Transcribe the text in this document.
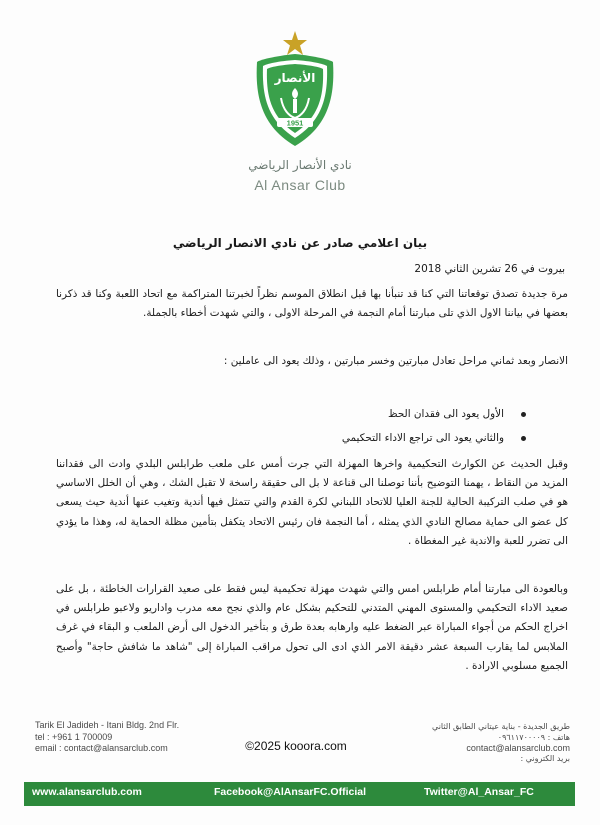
الأنصار
1951
نادي الأنصار الرياضي
Al Ansar Club
بيان اعلامي صادر عن نادي الانصار الرياضي
بيروت في 26 تشرين الثاني 2018

مرة جديدة تصدق توقعاتنا التي كنا قد تنبأنا بها قبل انطلاق الموسم نظراً لخبرتنا المتراكمة مع اتحاد اللعبة وكنا قد ذكرنا بعضها في بياننا الاول الذي تلى مبارتنا أمام النجمة في المرحلة الاولى ، والتي شهدت أخطاء بالجملة.

الانصار وبعد ثماني مراحل تعادل مبارتين وخسر مبارتين ، وذلك يعود الى عاملين :

الأول يعود الى فقدان الحظ
والثاني يعود الى تراجع الاداء التحكيمي

وقبل الحديث عن الكوارث التحكيمية واخرها المهزلة التي جرت أمس على ملعب طرابلس البلدي وادت الى فقداننا المزيد من النقاط ، يهمنا التوضيح بأننا توصلنا الى قناعة لا بل الى حقيقة راسخة لا تقبل الشك ، وهي أن الخلل الاساسي هو في صلب التركيبة الحالية للجنة العليا للاتحاد اللبناني لكرة القدم والتي تتمثل فيها أندية وتغيب عنها أندية حيث يسعى كل عضو الى حماية مصالح النادي الذي يمثله ، أما النجمة فان رئيس الاتحاد يتكفل بتأمين مظلة الحماية له، وهذا ما يؤدي الى تضرر للعبة والاندية غير المغطاة .

وبالعودة الى مبارتنا أمام طرابلس امس والتي شهدت مهزلة تحكيمية ليس فقط على صعيد القرارات الخاطئة ، بل على صعيد الاداء التحكيمي والمستوى المهني المتدني للتحكيم بشكل عام والذي نجح معه مدرب واداريو ولاعبو طرابلس في اخراج الحكم من أجواء المباراة عبر الضغط عليه وارهابه بعدة طرق و بتأخير الدخول الى أرض الملعب و البقاء في غرف الملابس لما يقارب السبعة عشر دقيقة الامر الذي ادى الى تحول مراقب المباراة إلى "شاهد ما شافش حاجة" وأصبح الجميع مسلوبي الارادة .

Tarik El Jadideh - Itani Bldg. 2nd Flr.
tel : +961 1 700009
email : contact@alansarclub.com	©2025 kooora.com
طريق الجديدة - بناية عيتاني الطابق الثاني
هاتف : ٠٩٦١١٧٠٠٠٠٩
contact@alansarclub.com
بريد الكتروني :
www.alansarclub.com	Facebook@AlAnsarFC.Official	Twitter@Al_Ansar_FC
